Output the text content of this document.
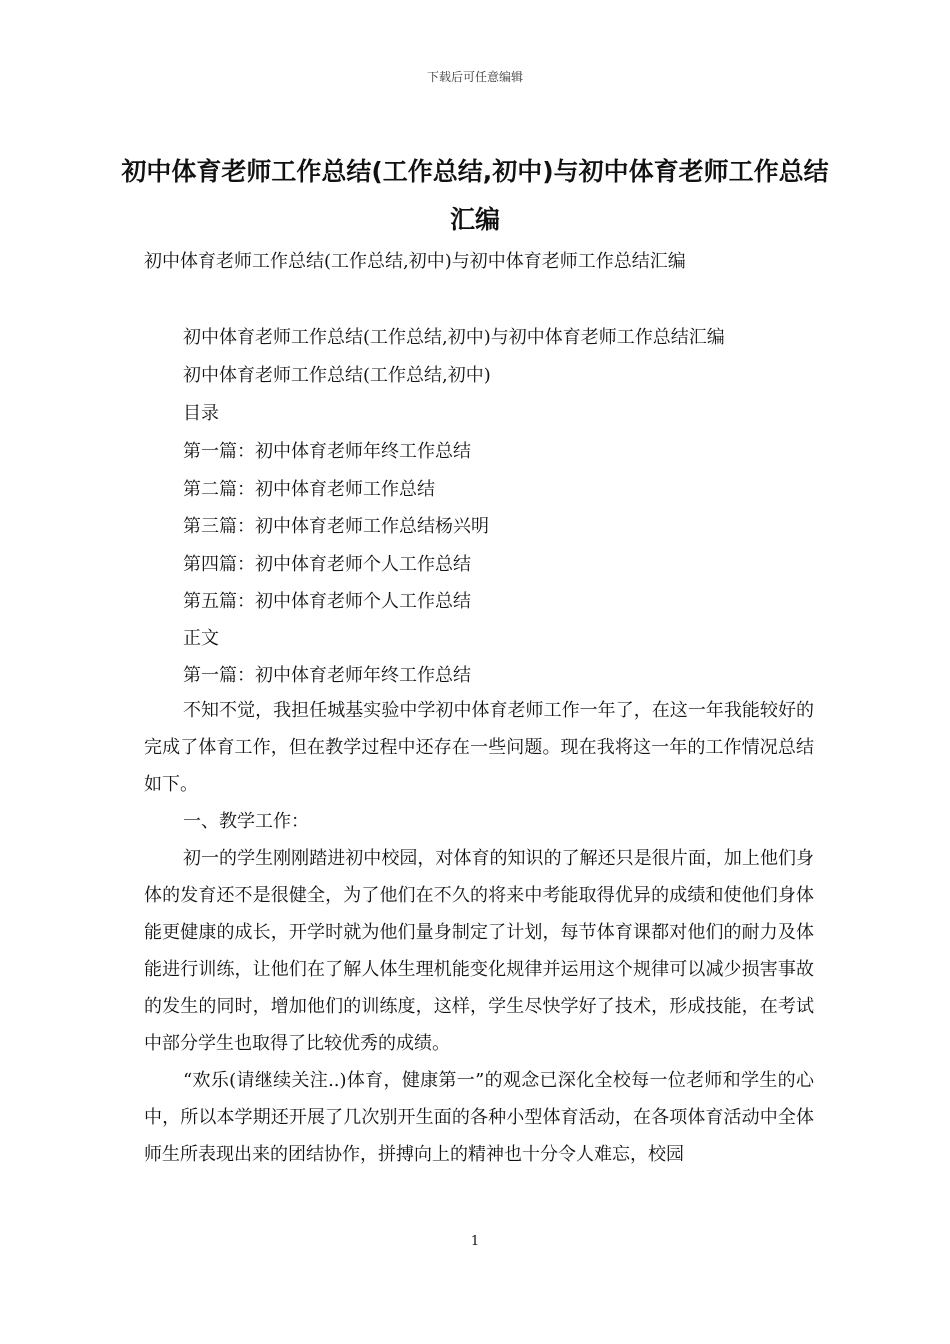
下载后可任意编辑
初中体育老师工作总结(工作总结,初中)与初中体育老师工作总结汇编
初中体育老师工作总结(工作总结,初中)与初中体育老师工作总结汇编
初中体育老师工作总结(工作总结,初中)与初中体育老师工作总结汇编
初中体育老师工作总结(工作总结,初中)
目录
第一篇：初中体育老师年终工作总结
第二篇：初中体育老师工作总结
第三篇：初中体育老师工作总结杨兴明
第四篇：初中体育老师个人工作总结
第五篇：初中体育老师个人工作总结
正文
第一篇：初中体育老师年终工作总结

不知不觉，我担任城基实验中学初中体育老师工作一年了，在这一年我能较好的完成了体育工作，但在教学过程中还存在一些问题。现在我将这一年的工作情况总结如下。

一、教学工作：

初一的学生刚刚踏进初中校园，对体育的知识的了解还只是很片面，加上他们身体的发育还不是很健全，为了他们在不久的将来中考能取得优异的成绩和使他们身体能更健康的成长，开学时就为他们量身制定了计划，每节体育课都对他们的耐力及体能进行训练，让他们在了解人体生理机能变化规律并运用这个规律可以减少损害事故的发生的同时，增加他们的训练度，这样，学生尽快学好了技术，形成技能，在考试中部分学生也取得了比较优秀的成绩。

“欢乐(请继续关注..)体育，健康第一”的观念已深化全校每一位老师和学生的心中，所以本学期还开展了几次别开生面的各种小型体育活动，在各项体育活动中全体师生所表现出来的团结协作，拼搏向上的精神也十分令人难忘，校园

1
